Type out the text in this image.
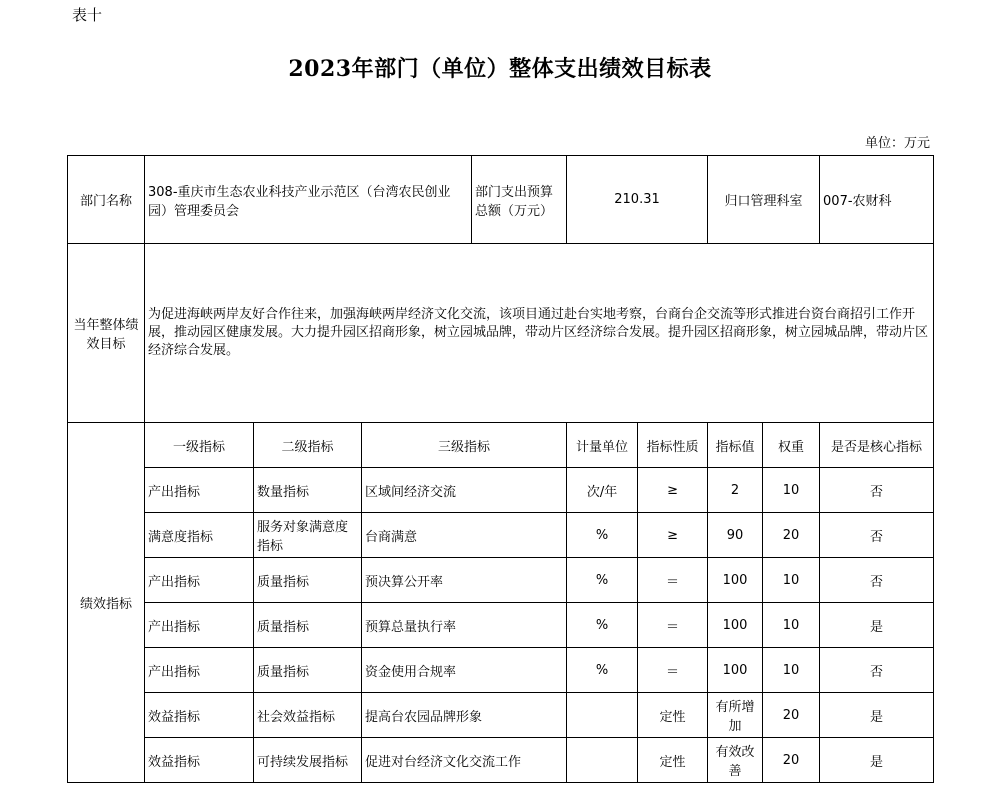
表十
2023年部门（单位）整体支出绩效目标表
单位：万元
部门名称	308-重庆市生态农业科技产业示范区（台湾农民创业园）管理委员会			部门支出预算总额（万元）	210.31		归口管理科室		007-农财科
当年整体绩效目标	为促进海峡两岸友好合作往来，加强海峡两岸经济文化交流，该项目通过赴台实地考察，台商台企交流等形式推进台资台商招引工作开展，推动园区健康发展。大力提升园区招商形象，树立园城品牌，带动片区经济综合发展。提升园区招商形象，树立园城品牌，带动片区经济综合发展。								
绩效指标	一级指标	二级指标	三级指标		计量单位	指标性质	指标值	权重	是否是核心指标
	产出指标	数量指标	区域间经济交流		次/年	≥	2	10	否
	满意度指标	服务对象满意度指标	台商满意		%	≥	90	20	否
	产出指标	质量指标	预决算公开率		%	＝	100	10	否
	产出指标	质量指标	预算总量执行率		%	＝	100	10	是
	产出指标	质量指标	资金使用合规率		%	＝	100	10	否
	效益指标	社会效益指标	提高台农园品牌形象			定性	有所增加	20	是
	效益指标	可持续发展指标	促进对台经济文化交流工作			定性	有效改善	20	是
